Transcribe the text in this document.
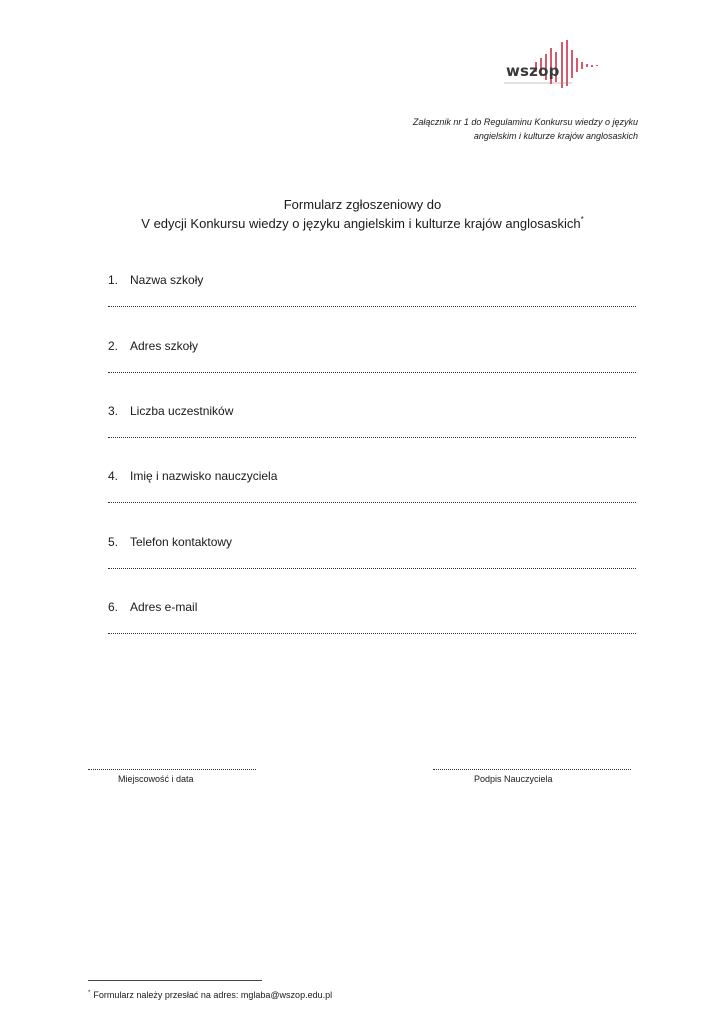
wszop
Załącznik nr 1 do Regulaminu Konkursu wiedzy o języku
angielskim i kulturze krajów anglosaskich
Formularz zgłoszeniowy do
V edycji Konkursu wiedzy o języku angielskim i kulturze krajów anglosaskich*
1. Nazwa szkoły
2. Adres szkoły
3. Liczba uczestników
4. Imię i nazwisko nauczyciela
5. Telefon kontaktowy
6. Adres e-mail
Miejscowość i data	Podpis Nauczyciela
* Formularz należy przesłać na adres: mglaba@wszop.edu.pl
